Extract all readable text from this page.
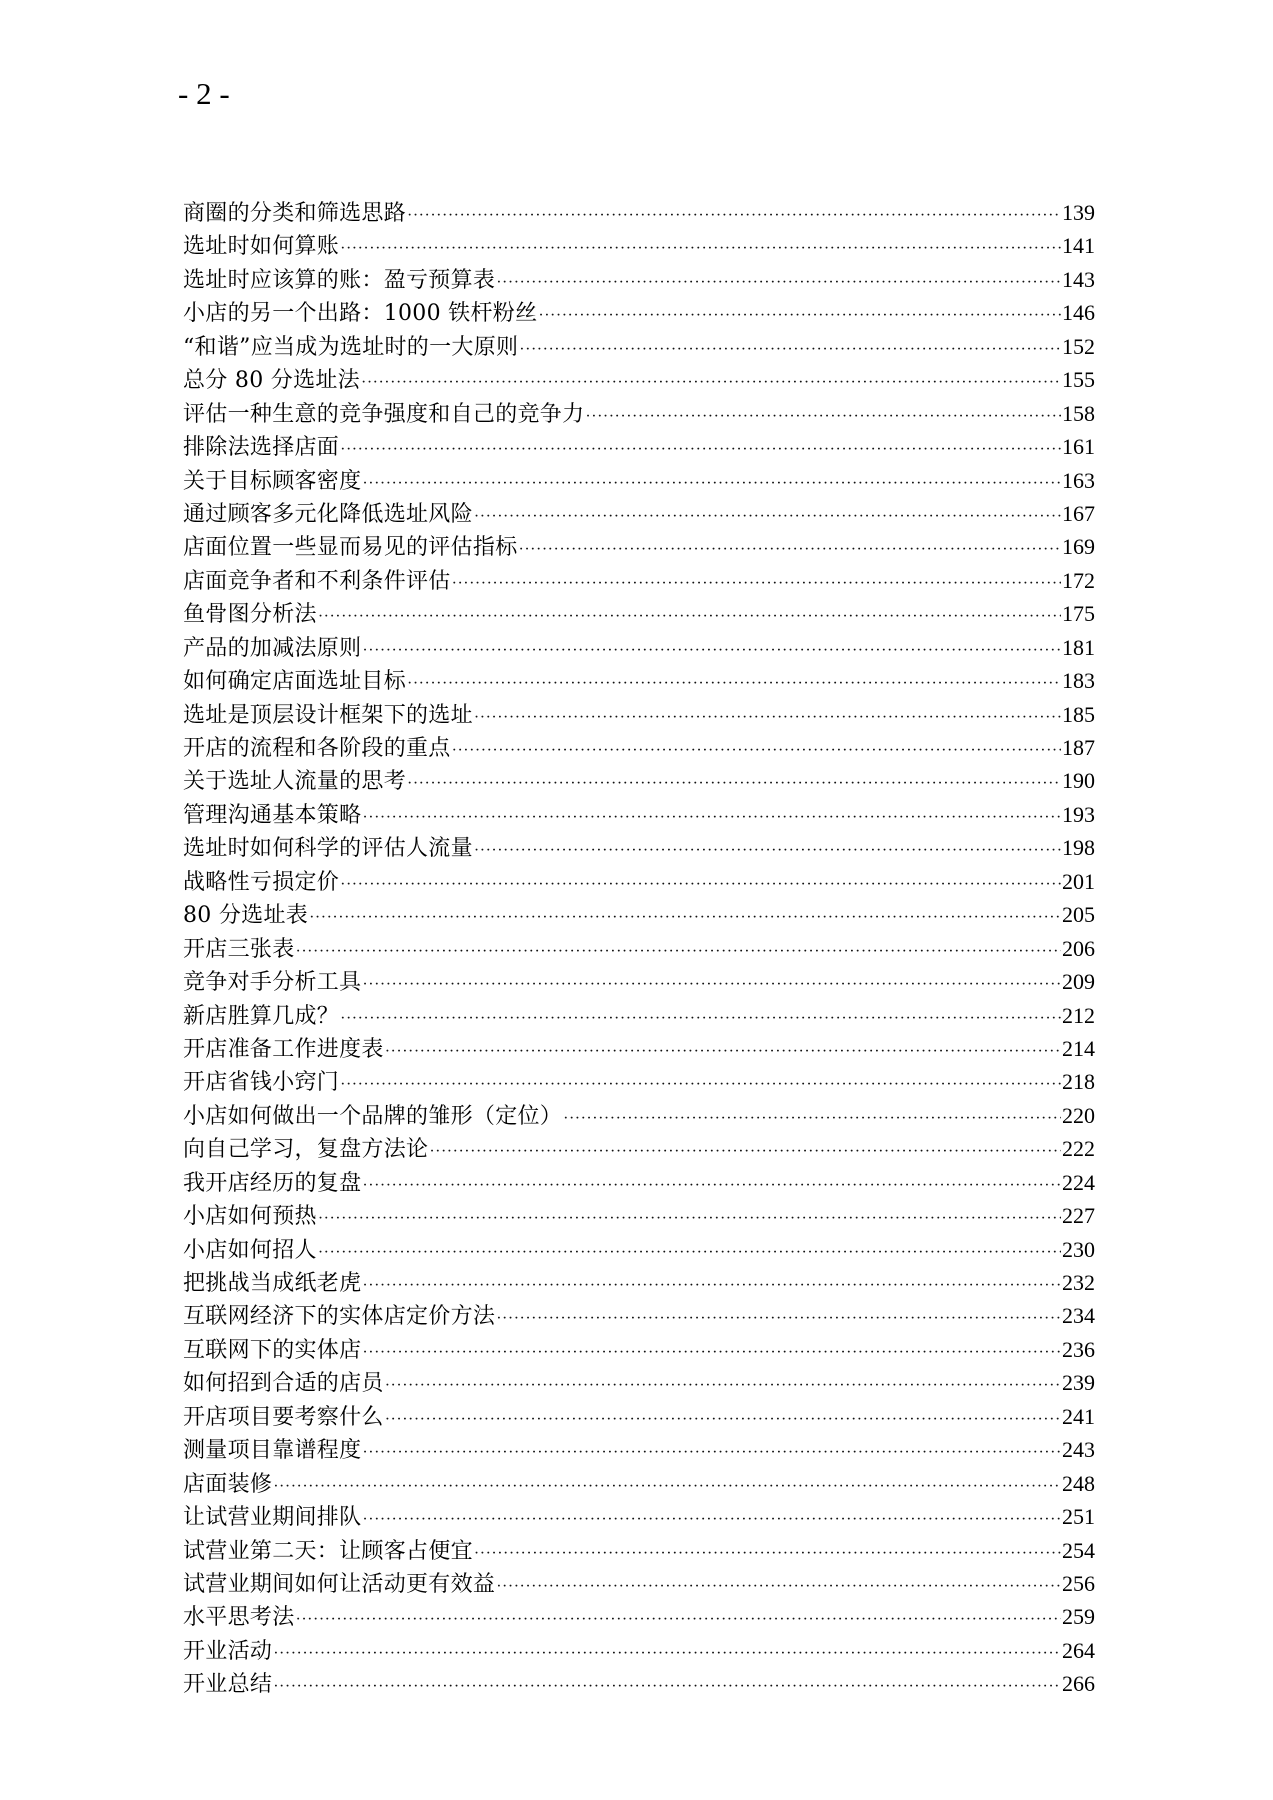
- 2 -
商圈的分类和筛选思路 ·····	139
选址时如何算账 ·····	141
选址时应该算的账：盈亏预算表 ·····	143
小店的另一个出路：1000 铁杆粉丝 ·····	146
“和谐”应当成为选址时的一大原则 ·····	152
总分 80 分选址法 ·····	155
评估一种生意的竞争强度和自己的竞争力 ·····	158
排除法选择店面 ·····	161
关于目标顾客密度 ·····	163
通过顾客多元化降低选址风险 ·····	167
店面位置一些显而易见的评估指标 ·····	169
店面竞争者和不利条件评估 ·····	172
鱼骨图分析法 ·····	175
产品的加减法原则 ·····	181
如何确定店面选址目标 ·····	183
选址是顶层设计框架下的选址 ·····	185
开店的流程和各阶段的重点 ·····	187
关于选址人流量的思考 ·····	190
管理沟通基本策略 ·····	193
选址时如何科学的评估人流量 ·····	198
战略性亏损定价 ·····	201
80 分选址表 ·····	205
开店三张表 ·····	206
竞争对手分析工具 ·····	209
新店胜算几成？ ·····	212
开店准备工作进度表 ·····	214
开店省钱小窍门 ·····	218
小店如何做出一个品牌的雏形（定位） ·····	220
向自己学习，复盘方法论 ·····	222
我开店经历的复盘 ·····	224
小店如何预热 ·····	227
小店如何招人 ·····	230
把挑战当成纸老虎 ·····	232
互联网经济下的实体店定价方法 ·····	234
互联网下的实体店 ·····	236
如何招到合适的店员 ·····	239
开店项目要考察什么 ·····	241
测量项目靠谱程度 ·····	243
店面装修 ·····	248
让试营业期间排队 ·····	251
试营业第二天：让顾客占便宜 ·····	254
试营业期间如何让活动更有效益 ·····	256
水平思考法 ·····	259
开业活动 ·····	264
开业总结 ·····	266
